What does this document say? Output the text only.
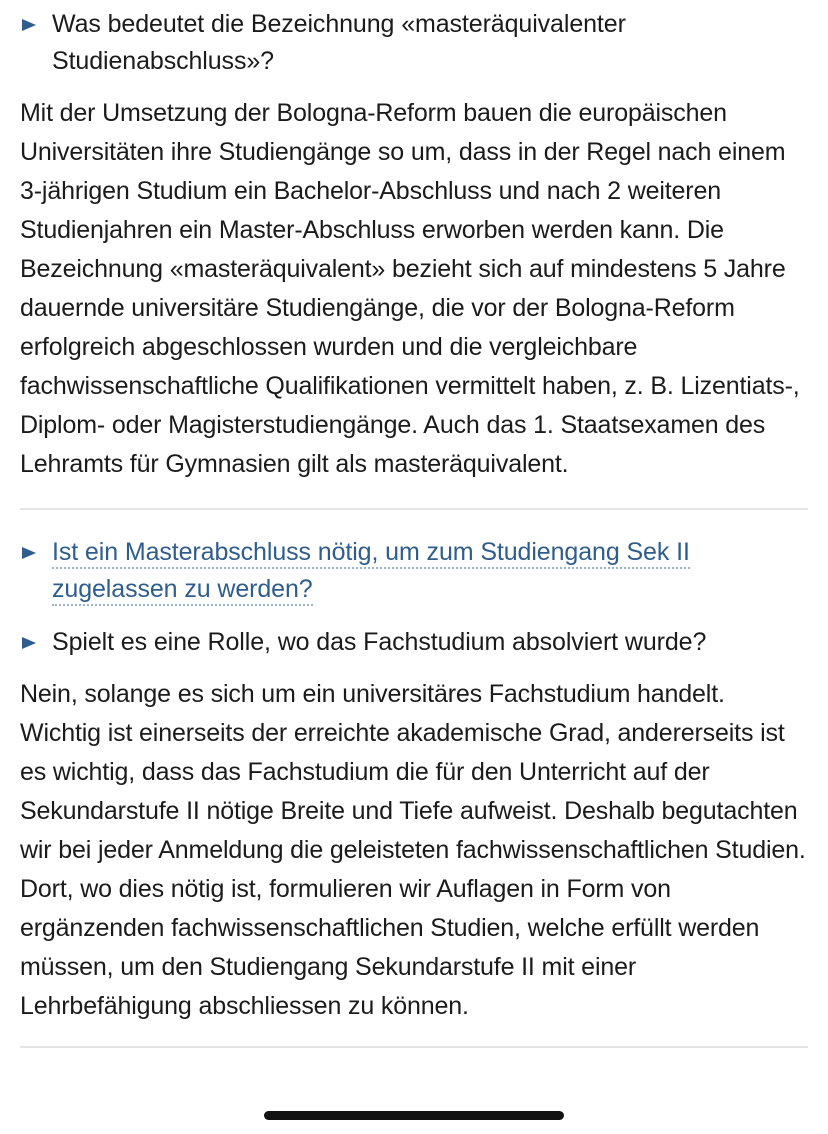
Was bedeutet die Bezeichnung «masteräquivalenter Studienabschluss»?

Mit der Umsetzung der Bologna-Reform bauen die europäischen Universitäten ihre Studiengänge so um, dass in der Regel nach einem 3-jährigen Studium ein Bachelor-Abschluss und nach 2 weiteren Studienjahren ein Master-Abschluss erworben werden kann. Die Bezeichnung «masteräquivalent» bezieht sich auf mindestens 5 Jahre dauernde universitäre Studiengänge, die vor der Bologna-Reform erfolgreich abgeschlossen wurden und die vergleichbare fachwissenschaftliche Qualifikationen vermittelt haben, z. B. Lizentiats-, Diplom- oder Magisterstudiengänge. Auch das 1. Staatsexamen des Lehramts für Gymnasien gilt als masteräquivalent.

Ist ein Masterabschluss nötig, um zum Studiengang Sek II zugelassen zu werden?
Spielt es eine Rolle, wo das Fachstudium absolviert wurde?

Nein, solange es sich um ein universitäres Fachstudium handelt. Wichtig ist einerseits der erreichte akademische Grad, andererseits ist es wichtig, dass das Fachstudium die für den Unterricht auf der Sekundarstufe II nötige Breite und Tiefe aufweist. Deshalb begutachten wir bei jeder Anmeldung die geleisteten fachwissenschaftlichen Studien. Dort, wo dies nötig ist, formulieren wir Auflagen in Form von ergänzenden fachwissenschaftlichen Studien, welche erfüllt werden müssen, um den Studiengang Sekundarstufe II mit einer Lehrbefähigung abschliessen zu können.
